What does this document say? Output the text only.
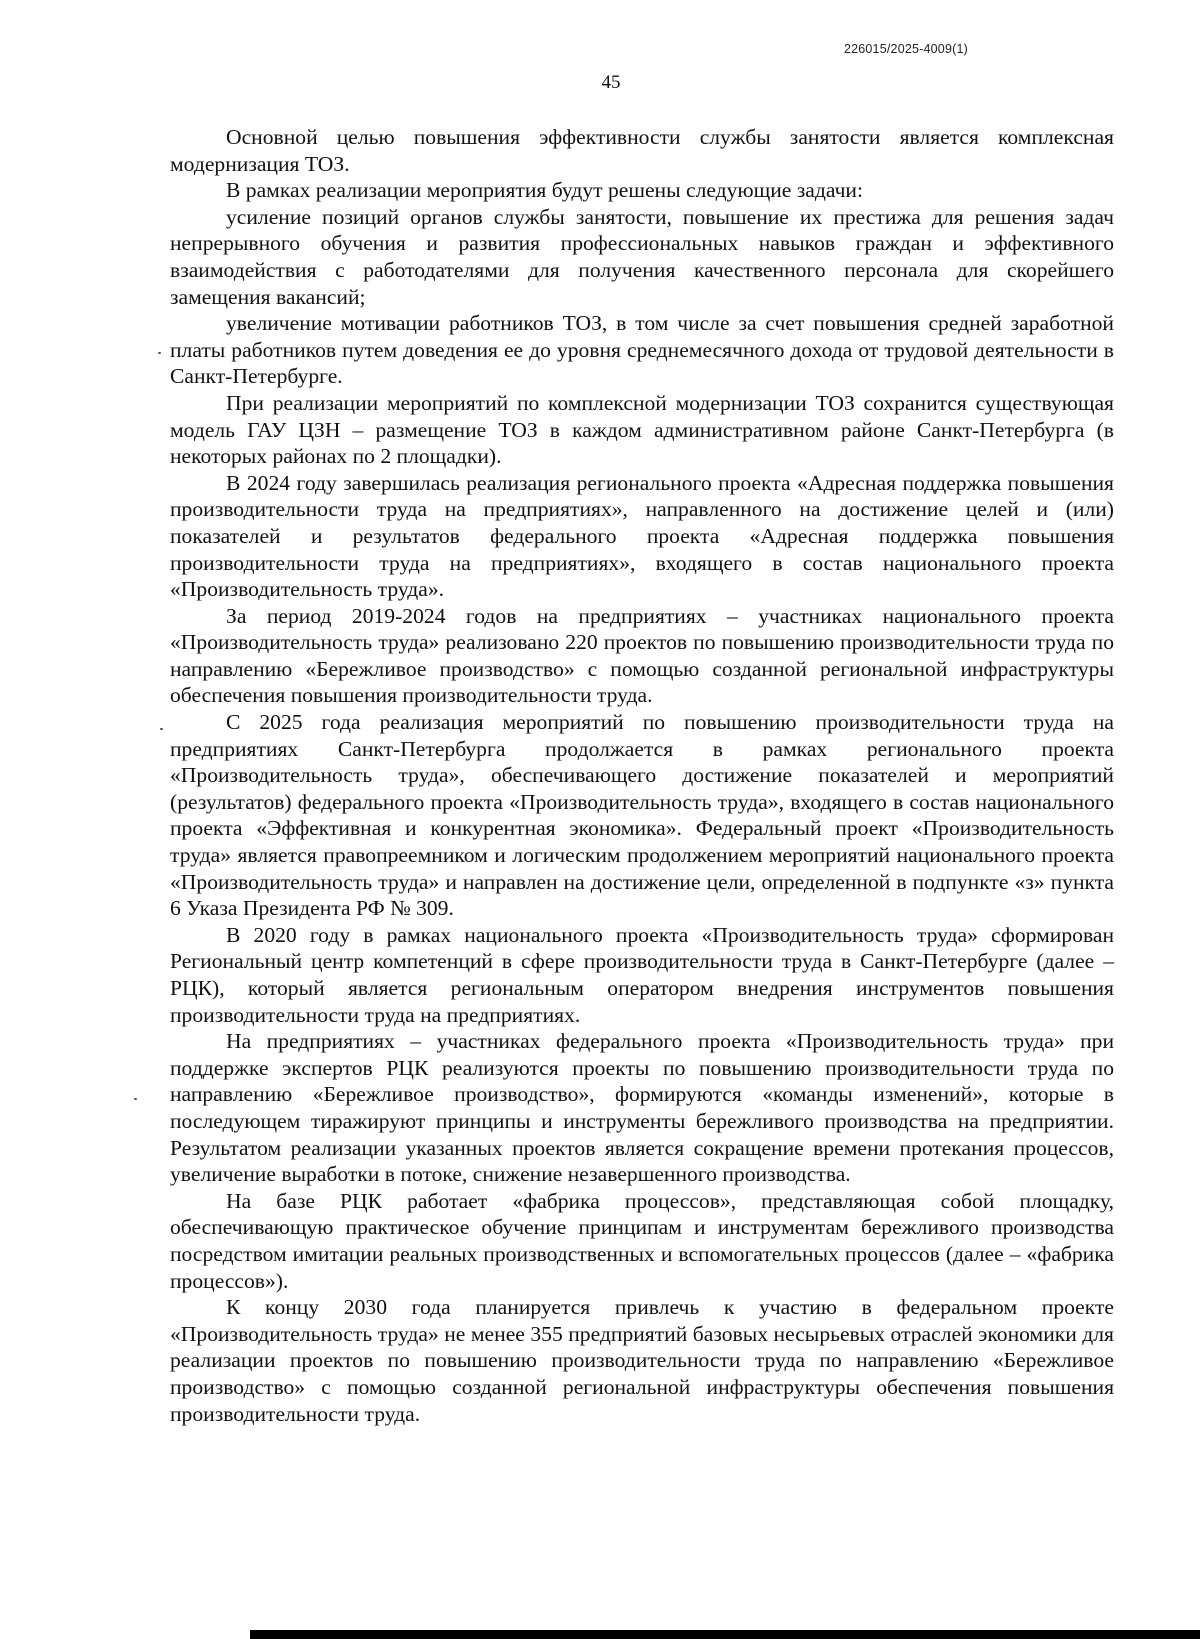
226015/2025-4009(1)
45

Основной целью повышения эффективности службы занятости является комплексная модернизация ТОЗ.

В рамках реализации мероприятия будут решены следующие задачи:

усиление позиций органов службы занятости, повышение их престижа для решения задач непрерывного обучения и развития профессиональных навыков граждан и эффективного взаимодействия с работодателями для получения качественного персонала для скорейшего замещения вакансий;

увеличение мотивации работников ТОЗ, в том числе за счет повышения средней заработной платы работников путем доведения ее до уровня среднемесячного дохода от трудовой деятельности в Санкт-Петербурге.

При реализации мероприятий по комплексной модернизации ТОЗ сохранится существующая модель ГАУ ЦЗН – размещение ТОЗ в каждом административном районе Санкт-Петербурга (в некоторых районах по 2 площадки).

В 2024 году завершилась реализация регионального проекта «Адресная поддержка повышения производительности труда на предприятиях», направленного на достижение целей и (или) показателей и результатов федерального проекта «Адресная поддержка повышения производительности труда на предприятиях», входящего в состав национального проекта «Производительность труда».

За период 2019-2024 годов на предприятиях – участниках национального проекта «Производительность труда» реализовано 220 проектов по повышению производительности труда по направлению «Бережливое производство» с помощью созданной региональной инфраструктуры обеспечения повышения производительности труда.

С 2025 года реализация мероприятий по повышению производительности труда на предприятиях Санкт-Петербурга продолжается в рамках регионального проекта «Производительность труда», обеспечивающего достижение показателей и мероприятий (результатов) федерального проекта «Производительность труда», входящего в состав национального проекта «Эффективная и конкурентная экономика». Федеральный проект «Производительность труда» является правопреемником и логическим продолжением мероприятий национального проекта «Производительность труда» и направлен на достижение цели, определенной в подпункте «з» пункта 6 Указа Президента РФ № 309.

В 2020 году в рамках национального проекта «Производительность труда» сформирован Региональный центр компетенций в сфере производительности труда в Санкт-Петербурге (далее – РЦК), который является региональным оператором внедрения инструментов повышения производительности труда на предприятиях.

На предприятиях – участниках федерального проекта «Производительность труда» при поддержке экспертов РЦК реализуются проекты по повышению производительности труда по направлению «Бережливое производство», формируются «команды изменений», которые в последующем тиражируют принципы и инструменты бережливого производства на предприятии. Результатом реализации указанных проектов является сокращение времени протекания процессов, увеличение выработки в потоке, снижение незавершенного производства.

На базе РЦК работает «фабрика процессов», представляющая собой площадку, обеспечивающую практическое обучение принципам и инструментам бережливого производства посредством имитации реальных производственных и вспомогательных процессов (далее – «фабрика процессов»).

К концу 2030 года планируется привлечь к участию в федеральном проекте «Производительность труда» не менее 355 предприятий базовых несырьевых отраслей экономики для реализации проектов по повышению производительности труда по направлению «Бережливое производство» с помощью созданной региональной инфраструктуры обеспечения повышения производительности труда.
